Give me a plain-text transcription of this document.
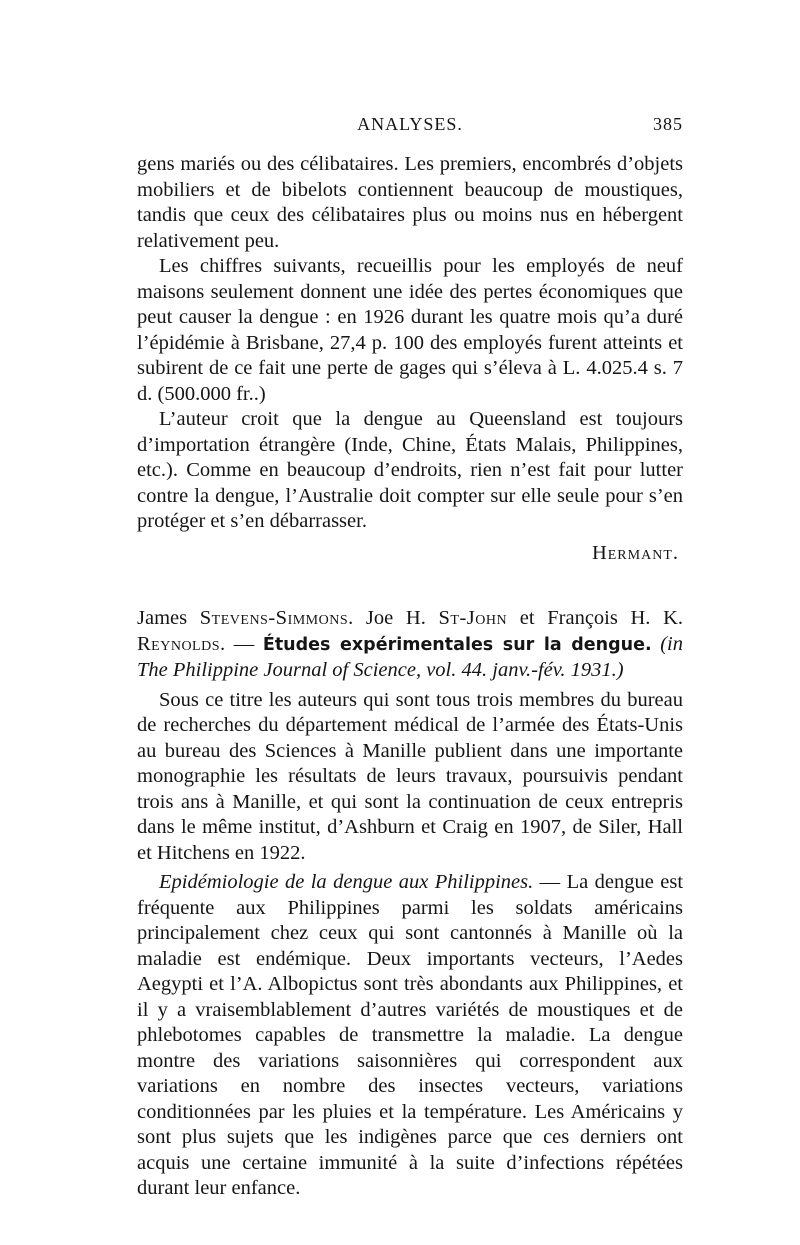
ANALYSES.	385

gens mariés ou des célibataires. Les premiers, encombrés d’objets mobiliers et de bibelots contiennent beaucoup de moustiques, tandis que ceux des célibataires plus ou moins nus en hébergent relativement peu.

Les chiffres suivants, recueillis pour les employés de neuf maisons seulement donnent une idée des pertes économiques que peut causer la dengue : en 1926 durant les quatre mois qu’a duré l’épidémie à Brisbane, 27,4 p. 100 des employés furent atteints et subirent de ce fait une perte de gages qui s’éleva à L. 4.025.4 s. 7 d. (500.000 fr..)

L’auteur croit que la dengue au Queensland est toujours d’importation étrangère (Inde, Chine, États Malais, Philippines, etc.). Comme en beaucoup d’endroits, rien n’est fait pour lutter contre la dengue, l’Australie doit compter sur elle seule pour s’en protéger et s’en débarrasser.

Hermant.

James Stevens-Simmons. Joe H. St-John et François H. K. Reynolds. — Études expérimentales sur la dengue. (in The Philippine Journal of Science, vol. 44. janv.-fév. 1931.)

Sous ce titre les auteurs qui sont tous trois membres du bureau de recherches du département médical de l’armée des États-Unis au bureau des Sciences à Manille publient dans une importante monographie les résultats de leurs travaux, poursuivis pendant trois ans à Manille, et qui sont la continuation de ceux entrepris dans le même institut, d’Ashburn et Craig en 1907, de Siler, Hall et Hitchens en 1922.

Epidémiologie de la dengue aux Philippines. — La dengue est fréquente aux Philippines parmi les soldats américains principalement chez ceux qui sont cantonnés à Manille où la maladie est endémique. Deux importants vecteurs, l’Aedes Aegypti et l’A. Albopictus sont très abondants aux Philippines, et il y a vraisemblablement d’autres variétés de moustiques et de phlebotomes capables de transmettre la maladie. La dengue montre des variations saisonnières qui correspondent aux variations en nombre des insectes vecteurs, variations conditionnées par les pluies et la température. Les Américains y sont plus sujets que les indigènes parce que ces derniers ont acquis une certaine immunité à la suite d’infections répétées durant leur enfance.
